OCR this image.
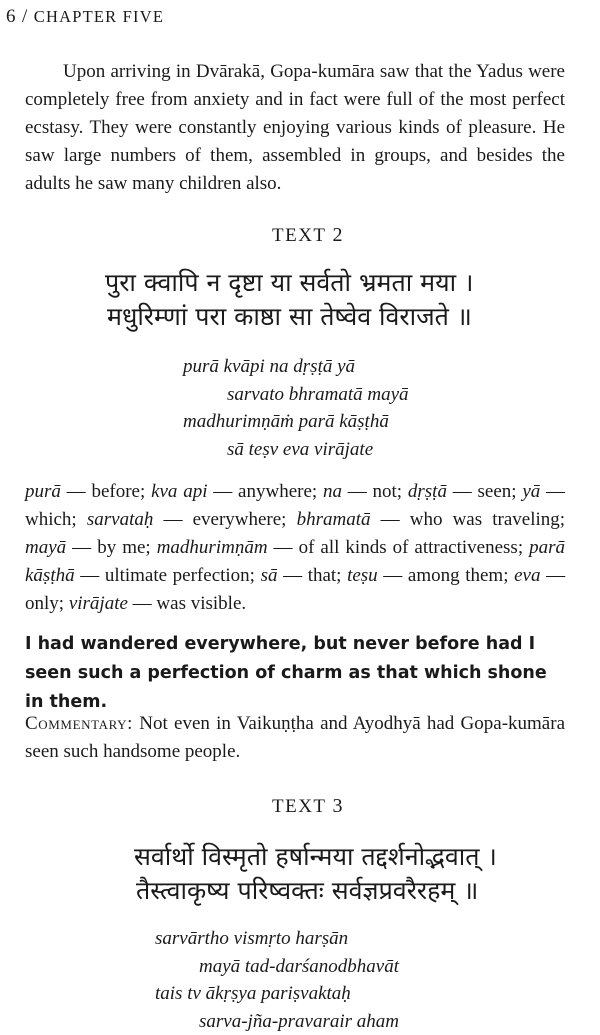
6 / CHAPTER FIVE

Upon arriving in Dvārakā, Gopa-kumāra saw that the Yadus were completely free from anxiety and in fact were full of the most perfect ecstasy. They were constantly enjoying various kinds of pleasure. He saw large numbers of them, assembled in groups, and besides the adults he saw many children also.

TEXT 2
पुरा क्वापि न दृष्टा या सर्वतो भ्रमता मया ।
मधुरिम्णां परा काष्ठा सा तेष्वेव विराजते ॥
purā kvāpi na dṛṣṭā yā
sarvato bhramatā mayā
madhurimṇāṁ parā kāṣṭhā
sā teṣv eva virājate

purā — before; kva api — anywhere; na — not; dṛṣṭā — seen; yā — which; sarvataḥ — everywhere; bhramatā — who was traveling; mayā — by me; madhurimṇām — of all kinds of attractiveness; parā kāṣṭhā — ultimate perfection; sā — that; teṣu — among them; eva — only; virājate — was visible.

I had wandered everywhere, but never before had I seen such a perfection of charm as that which shone in them.

Commentary: Not even in Vaikuṇṭha and Ayodhyā had Gopa-kumāra seen such handsome people.

TEXT 3
सर्वार्थो विस्मृतो हर्षान्मया तद्दर्शनोद्भवात् ।
तैस्त्वाकृष्य परिष्वक्तः सर्वज्ञप्रवरैरहम् ॥
sarvārtho vismṛto harṣān
mayā tad-darśanodbhavāt
tais tv ākṛṣya pariṣvaktaḥ
sarva-jña-pravarair aham
